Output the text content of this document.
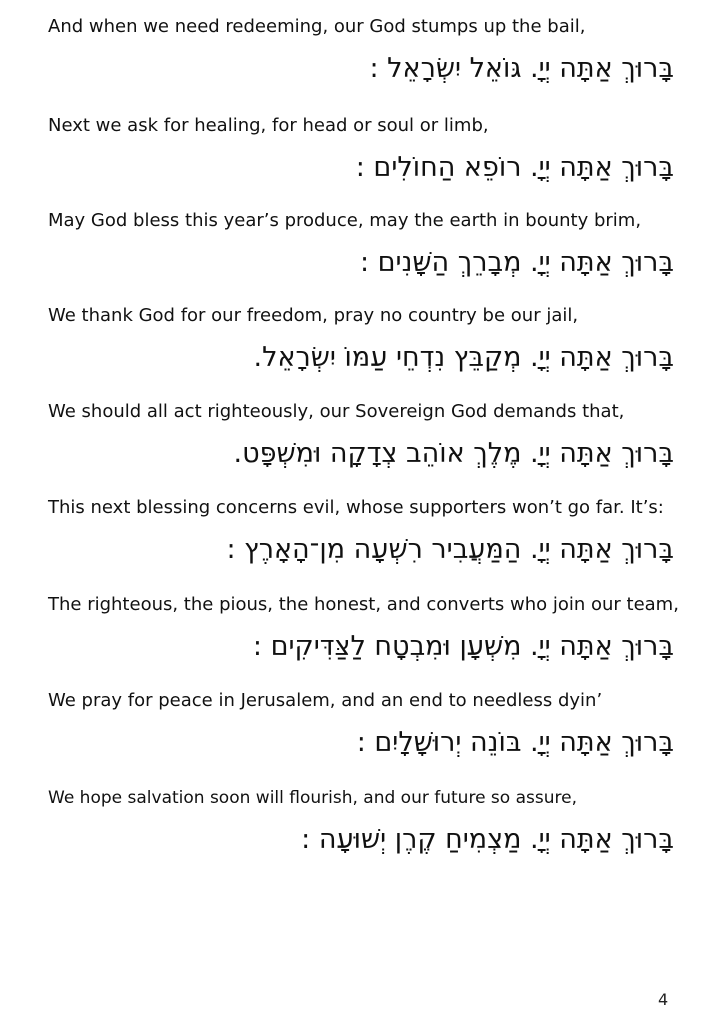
And when we need redeeming, our God stumps up the bail,

בָּרוּךְ אַתָּה יְיָ. גּוֹאֵל יִשְׂרָאֵל :

Next we ask for healing, for head or soul or limb,

בָּרוּךְ אַתָּה יְיָ. רוֹפֵא הַחוֹלִים :

May God bless this year’s produce, may the earth in bounty brim,

בָּרוּךְ אַתָּה יְיָ. מְבָרֵךְ הַשָּׁנִים :

We thank God for our freedom, pray no country be our jail,

בָּרוּךְ אַתָּה יְיָ. מְקַבֵּץ נִדְחֵי עַמּוֹ יִשְׂרָאֵל.

We should all act righteously, our Sovereign God demands that,

בָּרוּךְ אַתָּה יְיָ. מֶלֶךְ אוֹהֵב צְדָקָה וּמִשְׁפָּט.

This next blessing concerns evil, whose supporters won’t go far. It’s:

בָּרוּךְ אַתָּה יְיָ. הַמַּעֲבִיר רִשְׁעָה מִן־הָאָרֶץ :

The righteous, the pious, the honest, and converts who join our team,

בָּרוּךְ אַתָּה יְיָ. מִשְׁעָן וּמִבְטָח לַצַּדִּיקִים :

We pray for peace in Jerusalem, and an end to needless dyin’

בָּרוּךְ אַתָּה יְיָ. בּוֹנֵה יְרוּשָׁלָיִם :

We hope salvation soon will flourish, and our future so assure,

בָּרוּךְ אַתָּה יְיָ. מַצְמִיחַ קֶרֶן יְשׁוּעָה :

4
